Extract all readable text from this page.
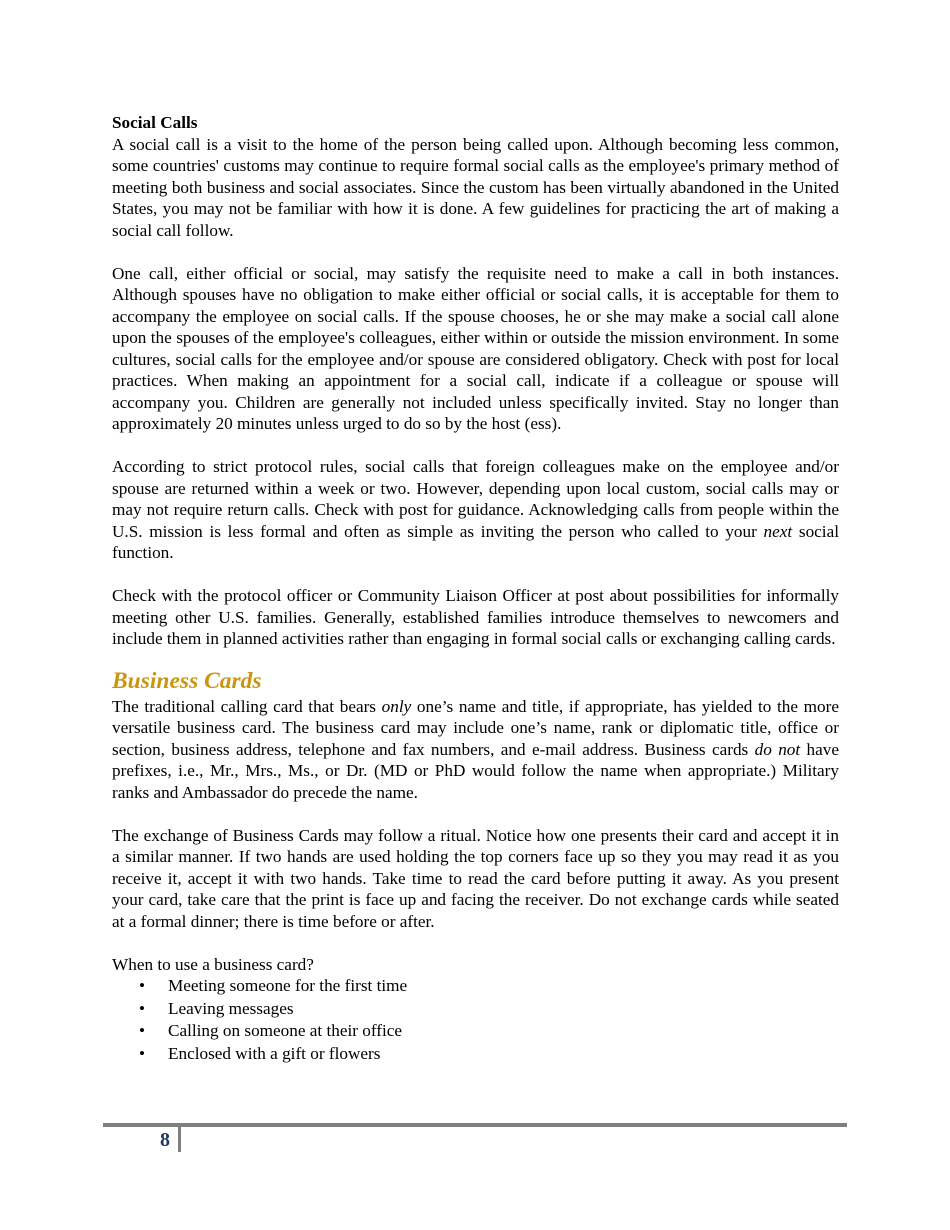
Social Calls

A social call is a visit to the home of the person being called upon. Although becoming less common, some countries' customs may continue to require formal social calls as the employee's primary method of meeting both business and social associates. Since the custom has been virtually abandoned in the United States, you may not be familiar with how it is done. A few guidelines for practicing the art of making a social call follow.

One call, either official or social, may satisfy the requisite need to make a call in both instances. Although spouses have no obligation to make either official or social calls, it is acceptable for them to accompany the employee on social calls. If the spouse chooses, he or she may make a social call alone upon the spouses of the employee's colleagues, either within or outside the mission environment. In some cultures, social calls for the employee and/or spouse are considered obligatory. Check with post for local practices. When making an appointment for a social call, indicate if a colleague or spouse will accompany you. Children are generally not included unless specifically invited. Stay no longer than approximately 20 minutes unless urged to do so by the host (ess).

According to strict protocol rules, social calls that foreign colleagues make on the employee and/or spouse are returned within a week or two. However, depending upon local custom, social calls may or may not require return calls. Check with post for guidance. Acknowledging calls from people within the U.S. mission is less formal and often as simple as inviting the person who called to your next social function.

Check with the protocol officer or Community Liaison Officer at post about possibilities for informally meeting other U.S. families. Generally, established families introduce themselves to newcomers and include them in planned activities rather than engaging in formal social calls or exchanging calling cards.

Business Cards

The traditional calling card that bears only one’s name and title, if appropriate, has yielded to the more versatile business card. The business card may include one’s name, rank or diplomatic title, office or section, business address, telephone and fax numbers, and e-mail address. Business cards do not have prefixes, i.e., Mr., Mrs., Ms., or Dr. (MD or PhD would follow the name when appropriate.) Military ranks and Ambassador do precede the name.

The exchange of Business Cards may follow a ritual. Notice how one presents their card and accept it in a similar manner. If two hands are used holding the top corners face up so they you may read it as you receive it, accept it with two hands. Take time to read the card before putting it away. As you present your card, take care that the print is face up and facing the receiver. Do not exchange cards while seated at a formal dinner; there is time before or after.

When to use a business card?

• Meeting someone for the first time
• Leaving messages
• Calling on someone at their office
• Enclosed with a gift or flowers
8
